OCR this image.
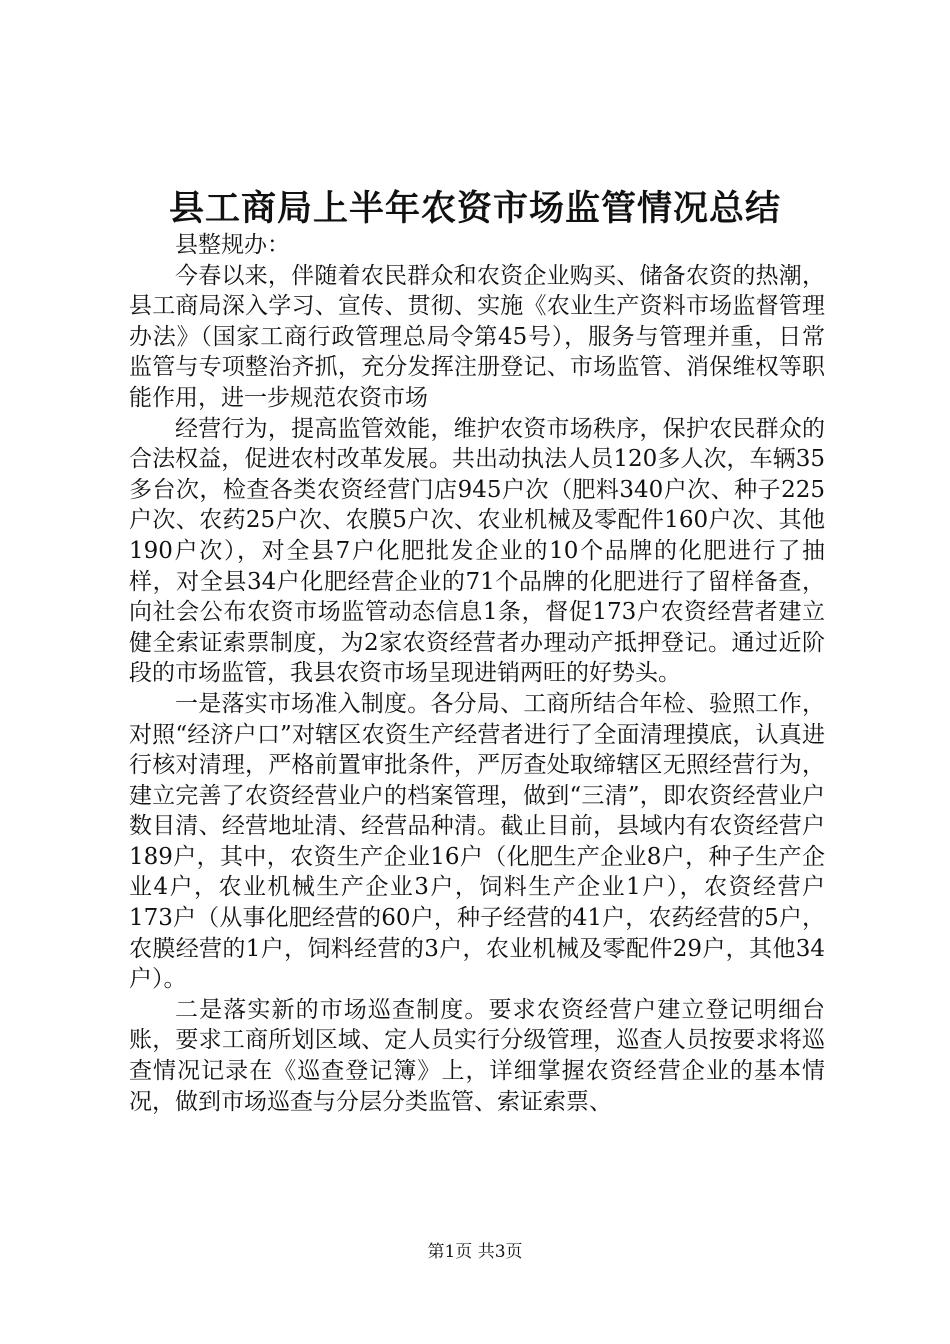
县工商局上半年农资市场监管情况总结

县整规办：

今春以来，伴随着农民群众和农资企业购买、储备农资的热潮，县工商局深入学习、宣传、贯彻、实施《农业生产资料市场监督管理办法》（国家工商行政管理总局令第45号），服务与管理并重，日常监管与专项整治齐抓，充分发挥注册登记、市场监管、消保维权等职能作用，进一步规范农资市场

经营行为，提高监管效能，维护农资市场秩序，保护农民群众的合法权益，促进农村改革发展。共出动执法人员120多人次，车辆35多台次，检查各类农资经营门店945户次（肥料340户次、种子225户次、农药25户次、农膜5户次、农业机械及零配件160户次、其他190户次），对全县7户化肥批发企业的10个品牌的化肥进行了抽样，对全县34户化肥经营企业的71个品牌的化肥进行了留样备查，向社会公布农资市场监管动态信息1条，督促173户农资经营者建立健全索证索票制度，为2家农资经营者办理动产抵押登记。通过近阶段的市场监管，我县农资市场呈现进销两旺的好势头。

一是落实市场准入制度。各分局、工商所结合年检、验照工作，对照“经济户口”对辖区农资生产经营者进行了全面清理摸底，认真进行核对清理，严格前置审批条件，严厉查处取缔辖区无照经营行为，建立完善了农资经营业户的档案管理，做到“三清”，即农资经营业户数目清、经营地址清、经营品种清。截止目前，县域内有农资经营户189户，其中，农资生产企业16户（化肥生产企业8户，种子生产企业4户，农业机械生产企业3户，饲料生产企业1户），农资经营户173户（从事化肥经营的60户，种子经营的41户，农药经营的5户，农膜经营的1户，饲料经营的3户，农业机械及零配件29户，其他34户）。

二是落实新的市场巡查制度。要求农资经营户建立登记明细台账，要求工商所划区域、定人员实行分级管理，巡查人员按要求将巡查情况记录在《巡查登记簿》上，详细掌握农资经营企业的基本情况，做到市场巡查与分层分类监管、索证索票、

第1页 共3页
